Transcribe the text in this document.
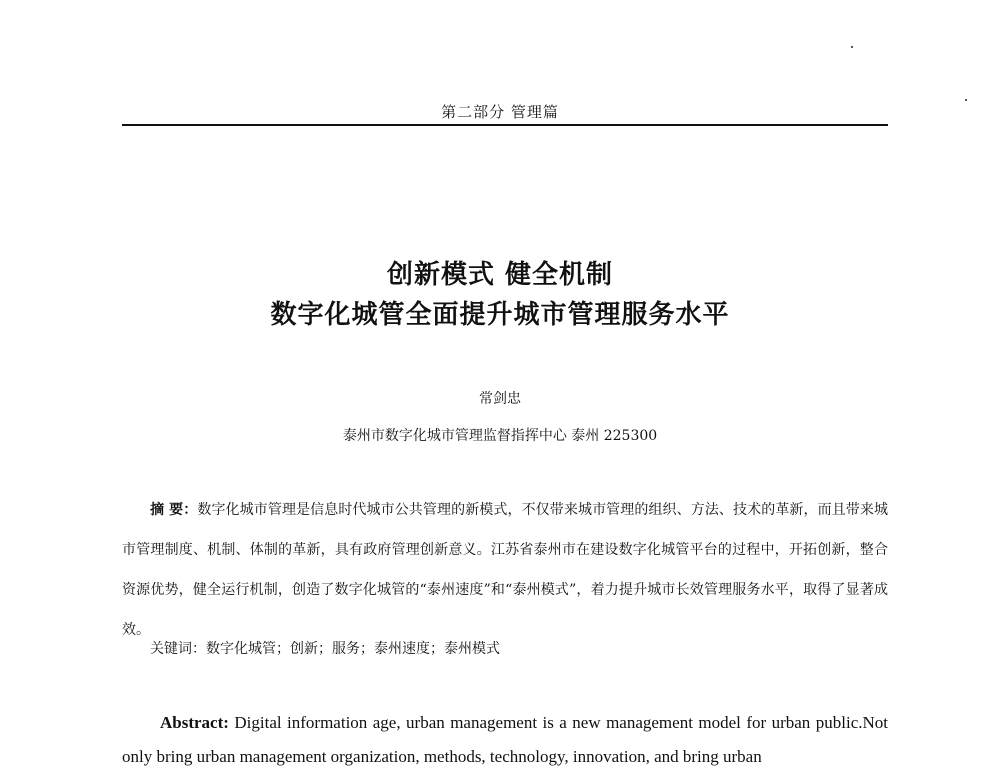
第二部分 管理篇
创新模式 健全机制
数字化城管全面提升城市管理服务水平
常剑忠
泰州市数字化城市管理监督指挥中心 泰州 225300

摘 要：数字化城市管理是信息时代城市公共管理的新模式，不仅带来城市管理的组织、方法、技术的革新，而且带来城市管理制度、机制、体制的革新，具有政府管理创新意义。江苏省泰州市在建设数字化城管平台的过程中，开拓创新，整合资源优势，健全运行机制，创造了数字化城管的“泰州速度”和“泰州模式”，着力提升城市长效管理服务水平，取得了显著成效。

关键词：数字化城管；创新；服务；泰州速度；泰州模式

Abstract: Digital information age, urban management is a new management model for urban public.Not only bring urban management organization, methods, technology, innovation, and bring urban
